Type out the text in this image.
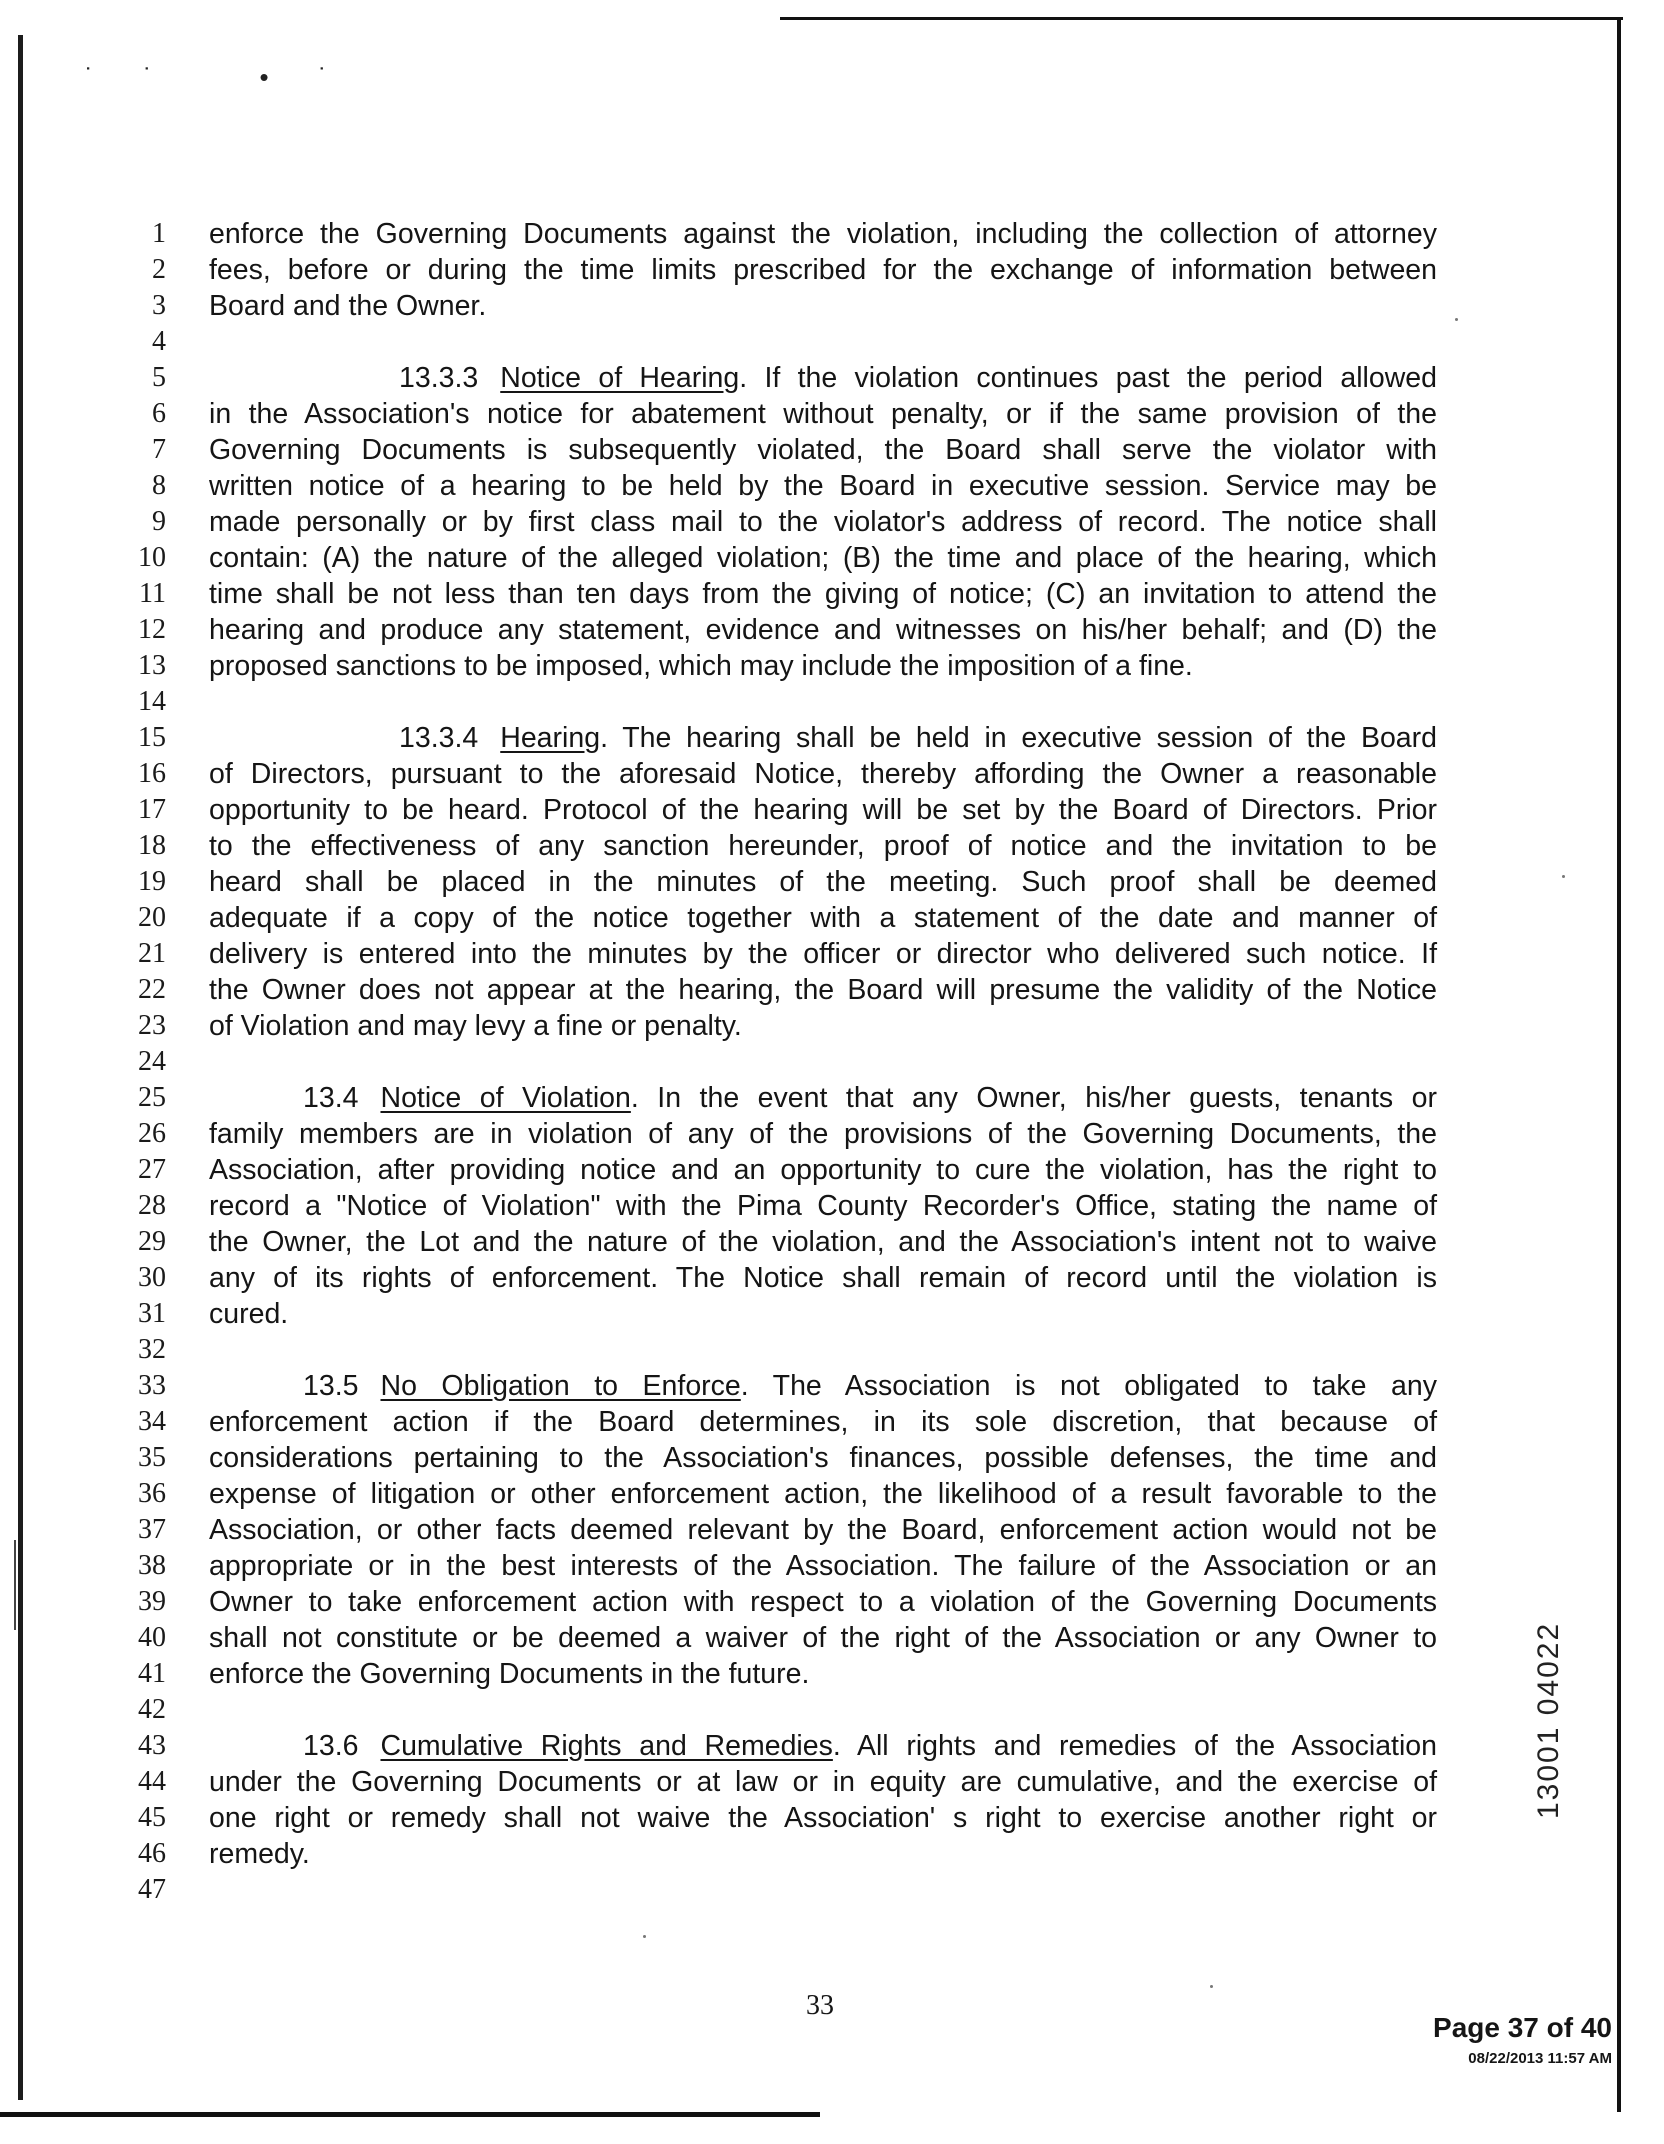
˙˙ •˙
1
2
3
4
5
6
7
8
9
10
11
12
13
14
15
16
17
18
19
20
21
22
23
24
25
26
27
28
29
30
31
32
33
34
35
36
37
38
39
40
41
42
43
44
45
46
47
enforce the Governing Documents against the violation, including the collection of attorney
fees, before or during the time limits prescribed for the exchange of information between
Board and the Owner.
13.3.3 Notice of Hearing. If the violation continues past the period allowed
in the Association's notice for abatement without penalty, or if the same provision of the
Governing Documents is subsequently violated, the Board shall serve the violator with
written notice of a hearing to be held by the Board in executive session. Service may be
made personally or by first class mail to the violator's address of record. The notice shall
contain: (A) the nature of the alleged violation; (B) the time and place of the hearing, which
time shall be not less than ten days from the giving of notice; (C) an invitation to attend the
hearing and produce any statement, evidence and witnesses on his/her behalf; and (D) the
proposed sanctions to be imposed, which may include the imposition of a fine.
13.3.4 Hearing. The hearing shall be held in executive session of the Board
of Directors, pursuant to the aforesaid Notice, thereby affording the Owner a reasonable
opportunity to be heard. Protocol of the hearing will be set by the Board of Directors. Prior
to the effectiveness of any sanction hereunder, proof of notice and the invitation to be
heard shall be placed in the minutes of the meeting. Such proof shall be deemed
adequate if a copy of the notice together with a statement of the date and manner of
delivery is entered into the minutes by the officer or director who delivered such notice. If
the Owner does not appear at the hearing, the Board will presume the validity of the Notice
of Violation and may levy a fine or penalty.
13.4 Notice of Violation. In the event that any Owner, his/her guests, tenants or
family members are in violation of any of the provisions of the Governing Documents, the
Association, after providing notice and an opportunity to cure the violation, has the right to
record a "Notice of Violation" with the Pima County Recorder's Office, stating the name of
the Owner, the Lot and the nature of the violation, and the Association's intent not to waive
any of its rights of enforcement. The Notice shall remain of record until the violation is
cured.
13.5 No Obligation to Enforce. The Association is not obligated to take any
enforcement action if the Board determines, in its sole discretion, that because of
considerations pertaining to the Association's finances, possible defenses, the time and
expense of litigation or other enforcement action, the likelihood of a result favorable to the
Association, or other facts deemed relevant by the Board, enforcement action would not be
appropriate or in the best interests of the Association. The failure of the Association or an
Owner to take enforcement action with respect to a violation of the Governing Documents
shall not constitute or be deemed a waiver of the right of the Association or any Owner to
enforce the Governing Documents in the future.
13.6 Cumulative Rights and Remedies. All rights and remedies of the Association
under the Governing Documents or at law or in equity are cumulative, and the exercise of
one right or remedy shall not waive the Association' s right to exercise another right or
remedy.
33
Page 37 of 40
08/22/2013 11:57 AM
13001 04022
